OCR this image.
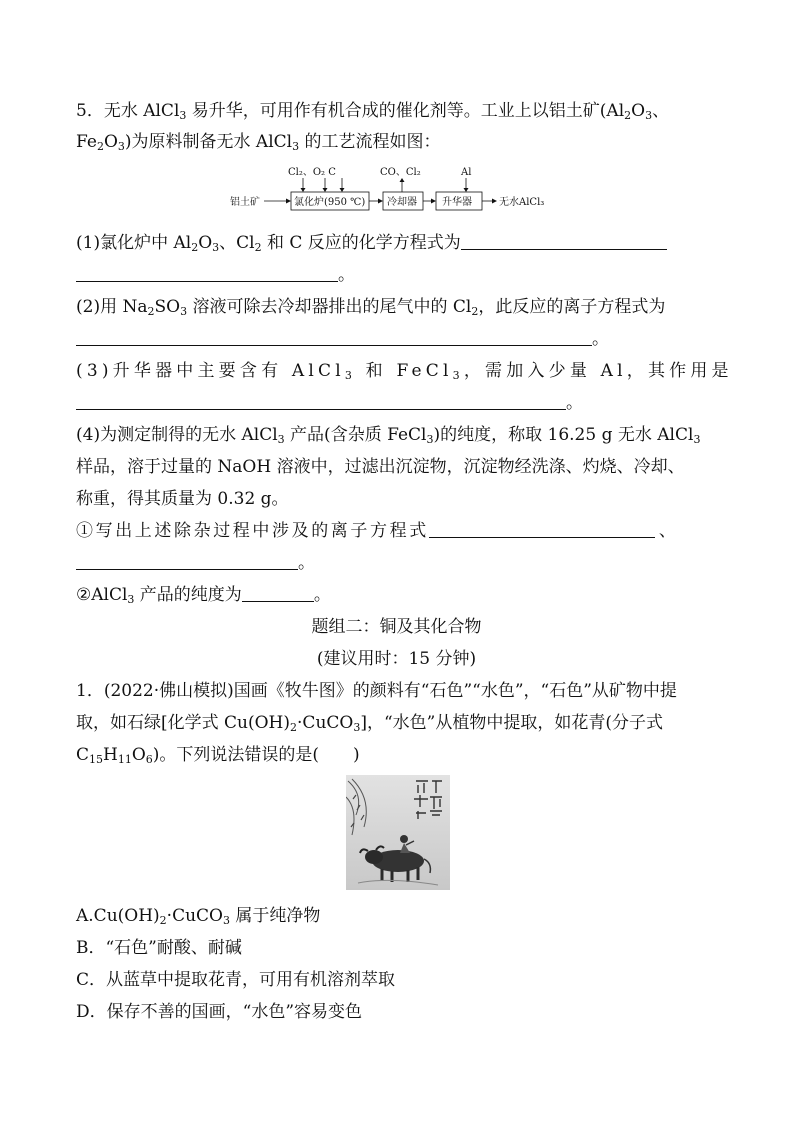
5．无水 AlCl$_3$ 易升华，可用作有机合成的催化剂等。工业上以铝土矿($Al_2O_3$、
$Fe_2O_3$)为原料制备无水 AlCl$_3$ 的工艺流程如图：
铝土矿	氯化炉(950 ℃) 冷却器	升华器	无水AlCl₃
Cl₂、O₂ C	CO、Cl₂	Al
(1)氯化炉中 $Al_2O_3$、$Cl_2$ 和 C 反应的化学方程式为
。
(2)用 $Na_2SO_3$ 溶液可除去冷却器排出的尾气中的 $Cl_2$，此反应的离子方程式为
。
(3)升华器中主要含有 AlCl$_3$ 和 FeCl$_3$，需加入少量 Al，其作用是
。
(4)为测定制得的无水 AlCl$_3$ 产品(含杂质 FeCl$_3$)的纯度，称取 16.25 g 无水 AlCl$_3$
样品，溶于过量的 NaOH 溶液中，过滤出沉淀物，沉淀物经洗涤、灼烧、冷却、
称重，得其质量为 0.32 g。
①写出上述除杂过程中涉及的离子方程式	、
。
②AlCl$_3$ 产品的纯度为	。
题组二：铜及其化合物
(建议用时：15 分钟)
1．(2022·佛山模拟)国画《牧牛图》的颜料有“石色”“水色”，“石色”从矿物中提
取，如石绿[化学式 $Cu(OH)_2\cdot CuCO_3$]，“水色”从植物中提取，如花青(分子式
$C_{15}H_{11}O_6$)。下列说法错误的是(　　)
$A.Cu(OH)_2\cdot CuCO_3$ 属于纯净物
B．“石色”耐酸、耐碱
C．从蓝草中提取花青，可用有机溶剂萃取
D．保存不善的国画，“水色”容易变色
